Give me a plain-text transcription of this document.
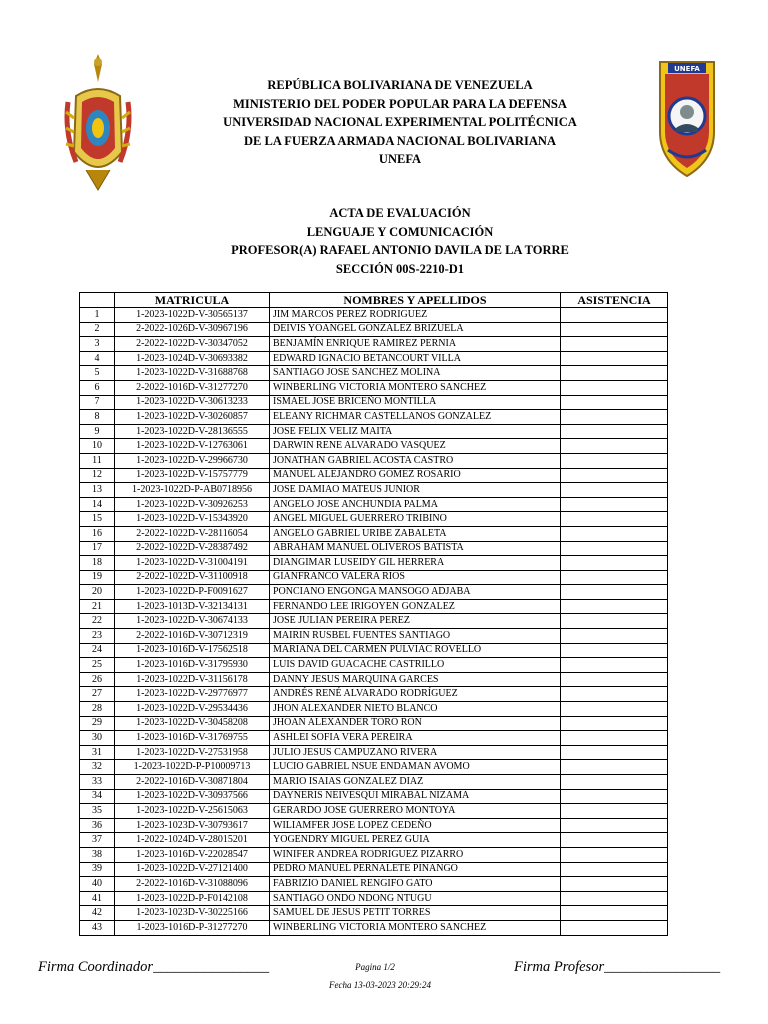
UNEFA
REPÚBLICA BOLIVARIANA DE VENEZUELA
MINISTERIO DEL PODER POPULAR PARA LA DEFENSA
UNIVERSIDAD NACIONAL EXPERIMENTAL POLITÉCNICA
DE LA FUERZA ARMADA NACIONAL BOLIVARIANA
UNEFA
ACTA DE EVALUACIÓN
LENGUAJE Y COMUNICACIÓN
PROFESOR(A) RAFAEL ANTONIO DAVILA DE LA TORRE
SECCIÓN 00S-2210-D1
	MATRICULA	NOMBRES Y APELLIDOS	ASISTENCIA
1	1-2023-1022D-V-30565137	JIM MARCOS PEREZ RODRIGUEZ	
2	2-2022-1026D-V-30967196	DEIVIS YOANGEL GONZALEZ BRIZUELA	
3	2-2022-1022D-V-30347052	BENJAMÍN ENRIQUE RAMIREZ PERNIA	
4	1-2023-1024D-V-30693382	EDWARD IGNACIO BETANCOURT VILLA	
5	1-2023-1022D-V-31688768	SANTIAGO JOSE SANCHEZ MOLINA	
6	2-2022-1016D-V-31277270	WINBERLING VICTORIA MONTERO SANCHEZ	
7	1-2023-1022D-V-30613233	ISMAEL JOSE BRICEÑO MONTILLA	
8	1-2023-1022D-V-30260857	ELEANY RICHMAR CASTELLANOS GONZALEZ	
9	1-2023-1022D-V-28136555	JOSE FELIX VELIZ MAITA	
10	1-2023-1022D-V-12763061	DARWIN RENE ALVARADO VASQUEZ	
11	1-2023-1022D-V-29966730	JONATHAN GABRIEL ACOSTA CASTRO	
12	1-2023-1022D-V-15757779	MANUEL ALEJANDRO GÓMEZ ROSARIO	
13	1-2023-1022D-P-AB0718956	JOSE DAMIAO MATEUS JUNIOR	
14	1-2023-1022D-V-30926253	ANGELO JOSE ANCHUNDIA PALMA	
15	1-2023-1022D-V-15343920	ANGEL MIGUEL GUERRERO TRIBINO	
16	2-2022-1022D-V-28116054	ANGELO GABRIEL URIBE ZABALETA	
17	2-2022-1022D-V-28387492	ABRAHAM MANUEL OLIVEROS BATISTA	
18	1-2023-1022D-V-31004191	DIANGIMAR LUSEIDY GIL HERRERA	
19	2-2022-1022D-V-31100918	GIANFRANCO VALERA RIOS	
20	1-2023-1022D-P-F0091627	PONCIANO ENGONGA MANSOGO ADJABA	
21	1-2023-1013D-V-32134131	FERNANDO LEE IRIGOYEN GONZALEZ	
22	1-2023-1022D-V-30674133	JOSE JULIAN PEREIRA PEREZ	
23	2-2022-1016D-V-30712319	MAIRIN RUSBEL FUENTES SANTIAGO	
24	1-2023-1016D-V-17562518	MARIANA DEL CARMEN PULVIAC ROVELLO	
25	1-2023-1016D-V-31795930	LUIS DAVID GUACACHE CASTRILLO	
26	1-2023-1022D-V-31156178	DANNY JESUS MARQUINA GARCES	
27	1-2023-1022D-V-29776977	ANDRÉS RENÉ ALVARADO RODRÍGUEZ	
28	1-2023-1022D-V-29534436	JHON ALEXANDER NIETO BLANCO	
29	1-2023-1022D-V-30458208	JHOAN ALEXANDER TORO RON	
30	1-2023-1016D-V-31769755	ASHLEI SOFIA VERA PEREIRA	
31	1-2023-1022D-V-27531958	JULIO JESUS CAMPUZANO RIVERA	
32	1-2023-1022D-P-P10009713	LUCIO GABRIEL NSUE ENDAMAN AVOMO	
33	2-2022-1016D-V-30871804	MARIO ISAIAS GONZALEZ DIAZ	
34	1-2023-1022D-V-30937566	DAYNERIS NEIVESQUI MIRABAL NIZAMA	
35	1-2023-1022D-V-25615063	GERARDO JOSE GUERRERO MONTOYA	
36	1-2023-1023D-V-30793617	WILIAMFER JOSE LOPEZ CEDEÑO	
37	1-2022-1024D-V-28015201	YOGENDRY MIGUEL PEREZ GUIA	
38	1-2023-1016D-V-22028547	WINIFER ANDREA RODRIGUEZ PIZARRO	
39	1-2023-1022D-V-27121400	PEDRO MANUEL PERNALETE PINANGO	
40	2-2022-1016D-V-31088096	FABRIZIO DANIEL RENGIFO GATO	
41	1-2023-1022D-P-F0142108	SANTIAGO ONDO NDONG NTUGU	
42	1-2023-1023D-V-30225166	SAMUEL DE JESUS PETIT TORRES	
43	1-2023-1016D-P-31277270	WINBERLING VICTORIA MONTERO SANCHEZ	
Firma Coordinador________________	Pagina 1/2	Firma Profesor________________
Fecha 13-03-2023 20:29:24
